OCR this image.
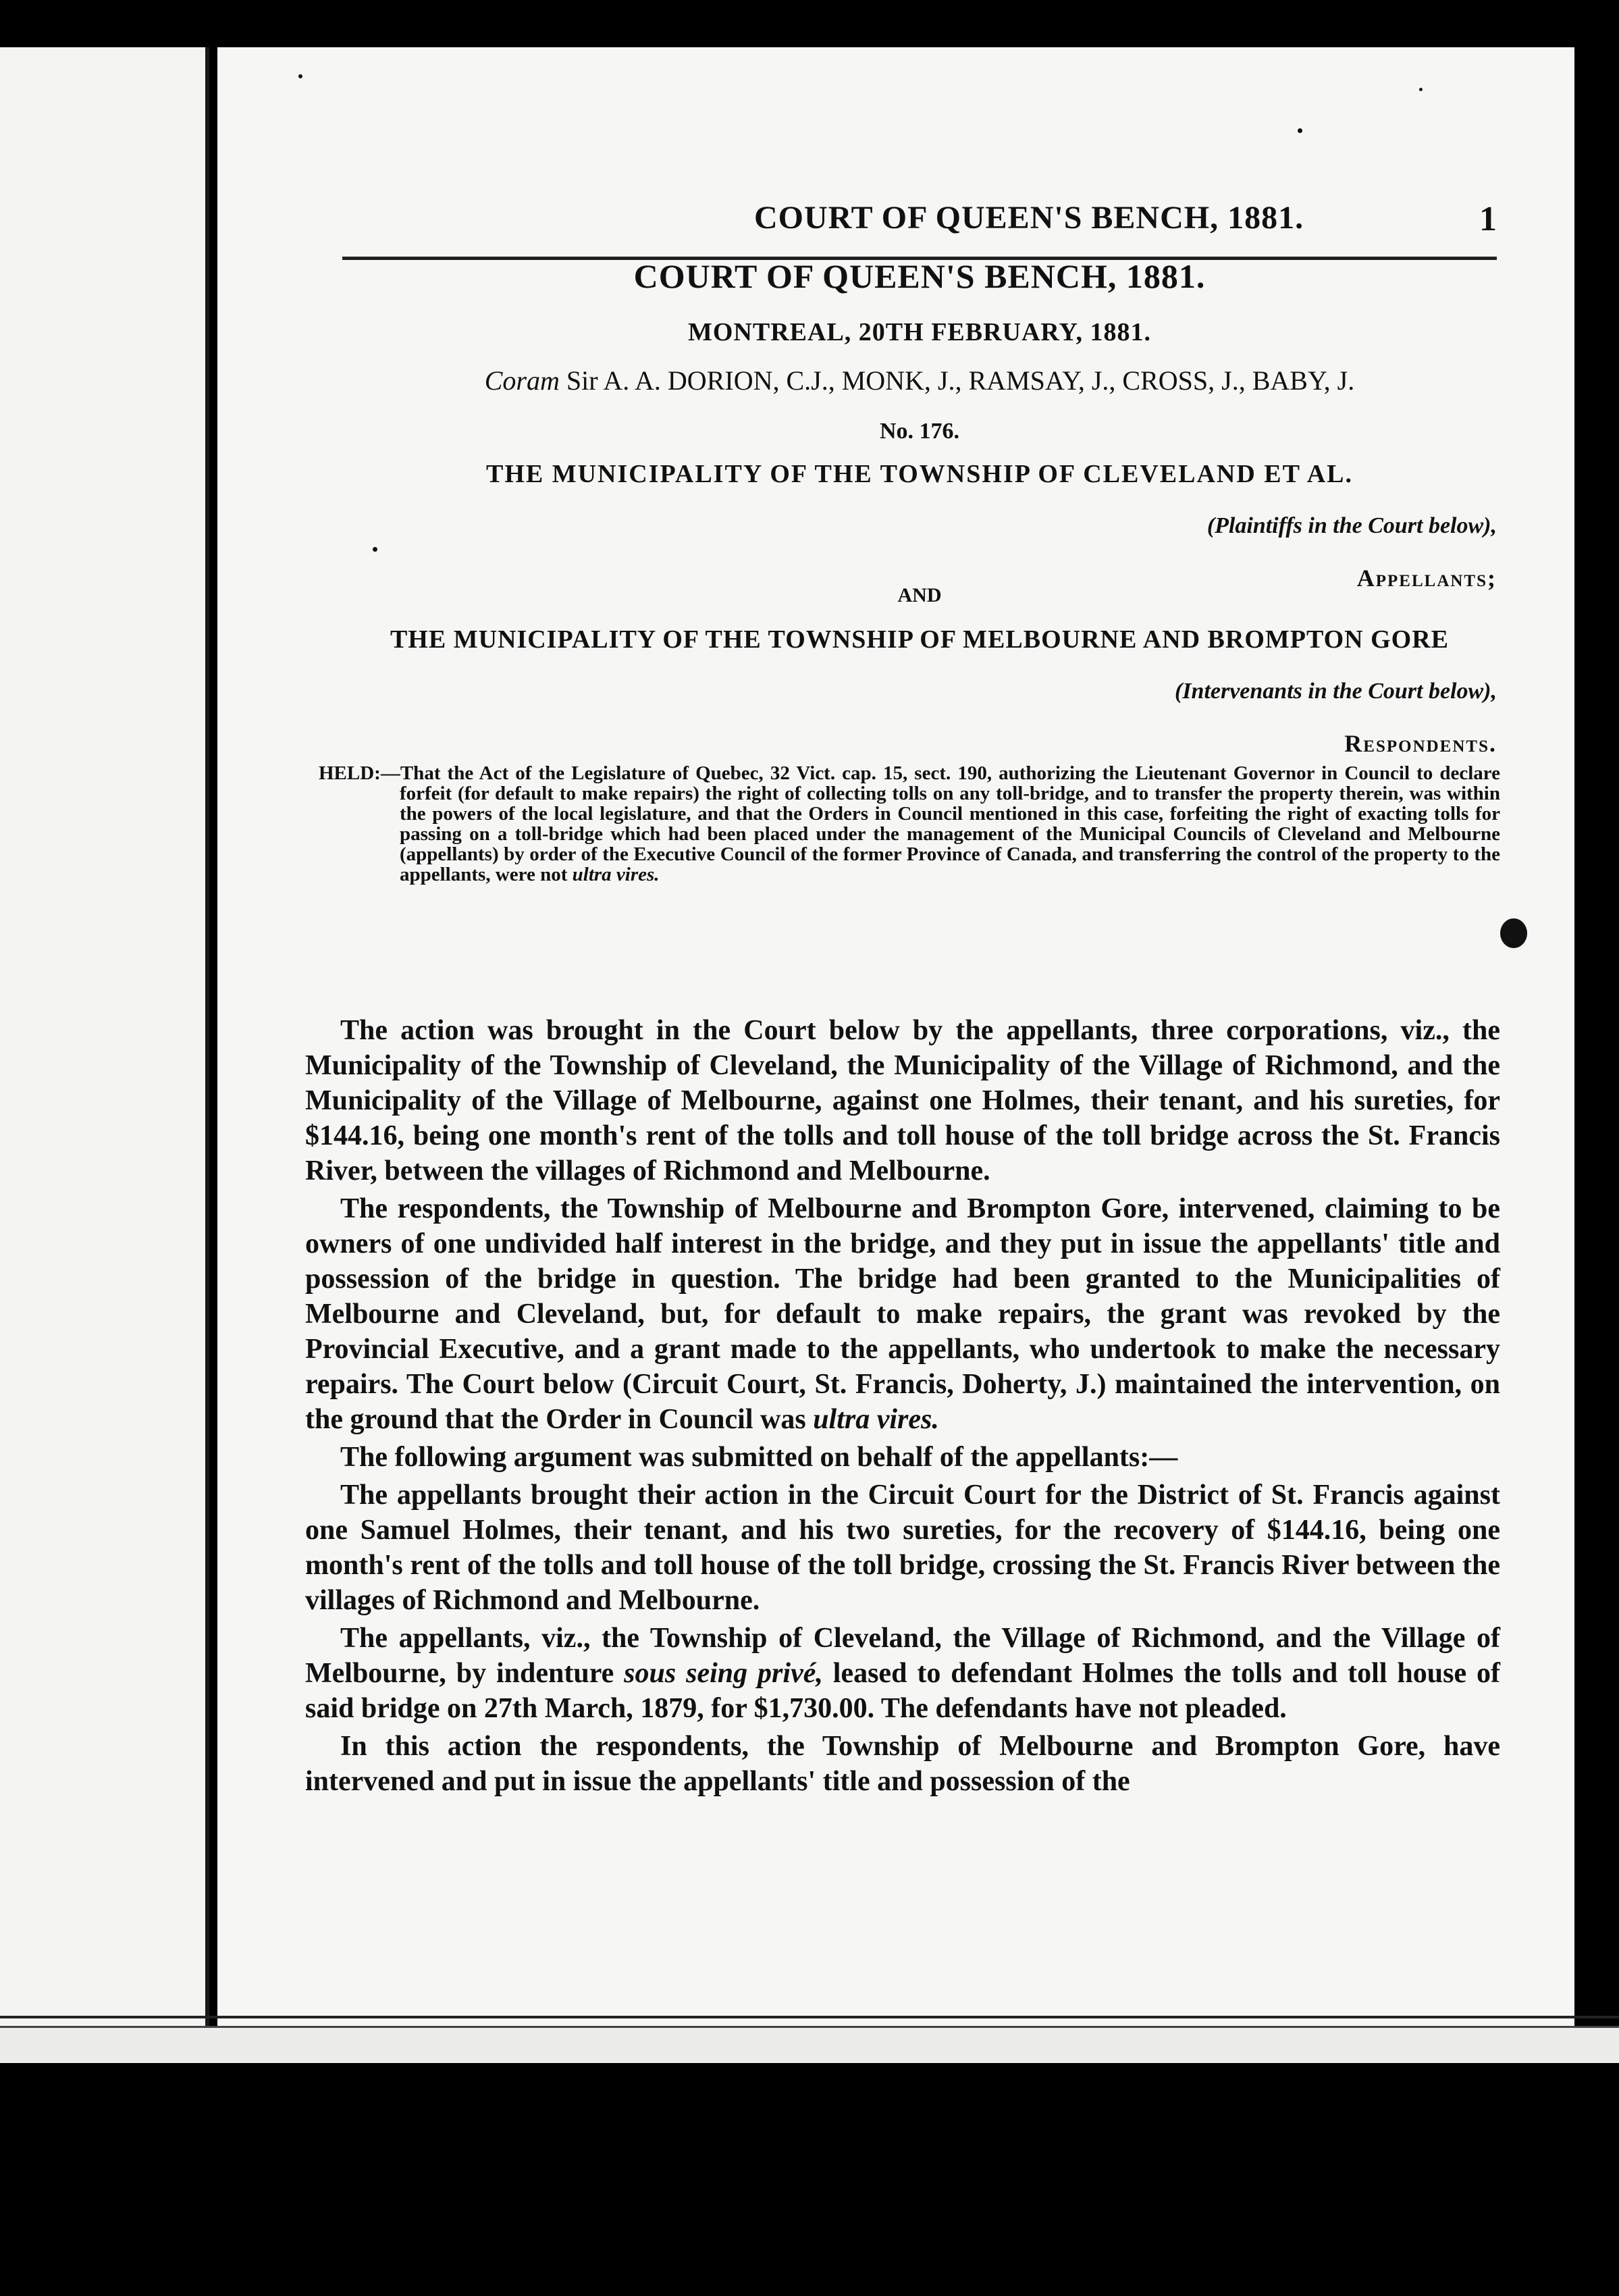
COURT OF QUEEN'S BENCH, 1881.	1
COURT OF QUEEN'S BENCH, 1881.
MONTREAL, 20TH FEBRUARY, 1881.
Coram Sir A. A. DORION, C.J., MONK, J., RAMSAY, J., CROSS, J., BABY, J.
No. 176.
THE MUNICIPALITY OF THE TOWNSHIP OF CLEVELAND ET AL.
(Plaintiffs in the Court below),
Appellants;
AND
THE MUNICIPALITY OF THE TOWNSHIP OF MELBOURNE AND BROMPTON GORE
(Intervenants in the Court below),
Respondents.
HELD:—That the Act of the Legislature of Quebec, 32 Vict. cap. 15, sect. 190, authorizing the Lieutenant Governor in Council to declare forfeit (for default to make repairs) the right of collecting tolls on any toll-bridge, and to transfer the property therein, was within the powers of the local legislature, and that the Orders in Council mentioned in this case, forfeiting the right of exacting tolls for passing on a toll-bridge which had been placed under the management of the Municipal Councils of Cleveland and Melbourne (appellants) by order of the Executive Council of the former Province of Canada, and transferring the control of the property to the appellants, were not ultra vires.

The action was brought in the Court below by the appellants, three corporations, viz., the Municipality of the Township of Cleveland, the Municipality of the Village of Richmond, and the Municipality of the Village of Melbourne, against one Holmes, their tenant, and his sureties, for $144.16, being one month's rent of the tolls and toll house of the toll bridge across the St. Francis River, between the villages of Richmond and Melbourne.

The respondents, the Township of Melbourne and Brompton Gore, intervened, claiming to be owners of one undivided half interest in the bridge, and they put in issue the appellants' title and possession of the bridge in question. The bridge had been granted to the Municipalities of Melbourne and Cleveland, but, for default to make repairs, the grant was revoked by the Provincial Executive, and a grant made to the appellants, who undertook to make the necessary repairs. The Court below (Circuit Court, St. Francis, Doherty, J.) maintained the intervention, on the ground that the Order in Council was ultra vires.

The following argument was submitted on behalf of the appellants:—

The appellants brought their action in the Circuit Court for the District of St. Francis against one Samuel Holmes, their tenant, and his two sureties, for the recovery of $144.16, being one month's rent of the tolls and toll house of the toll bridge, crossing the St. Francis River between the villages of Richmond and Melbourne.

The appellants, viz., the Township of Cleveland, the Village of Richmond, and the Village of Melbourne, by indenture sous seing privé, leased to defendant Holmes the tolls and toll house of said bridge on 27th March, 1879, for $1,730.00. The defendants have not pleaded.

In this action the respondents, the Township of Melbourne and Brompton Gore, have intervened and put in issue the appellants' title and possession of the
